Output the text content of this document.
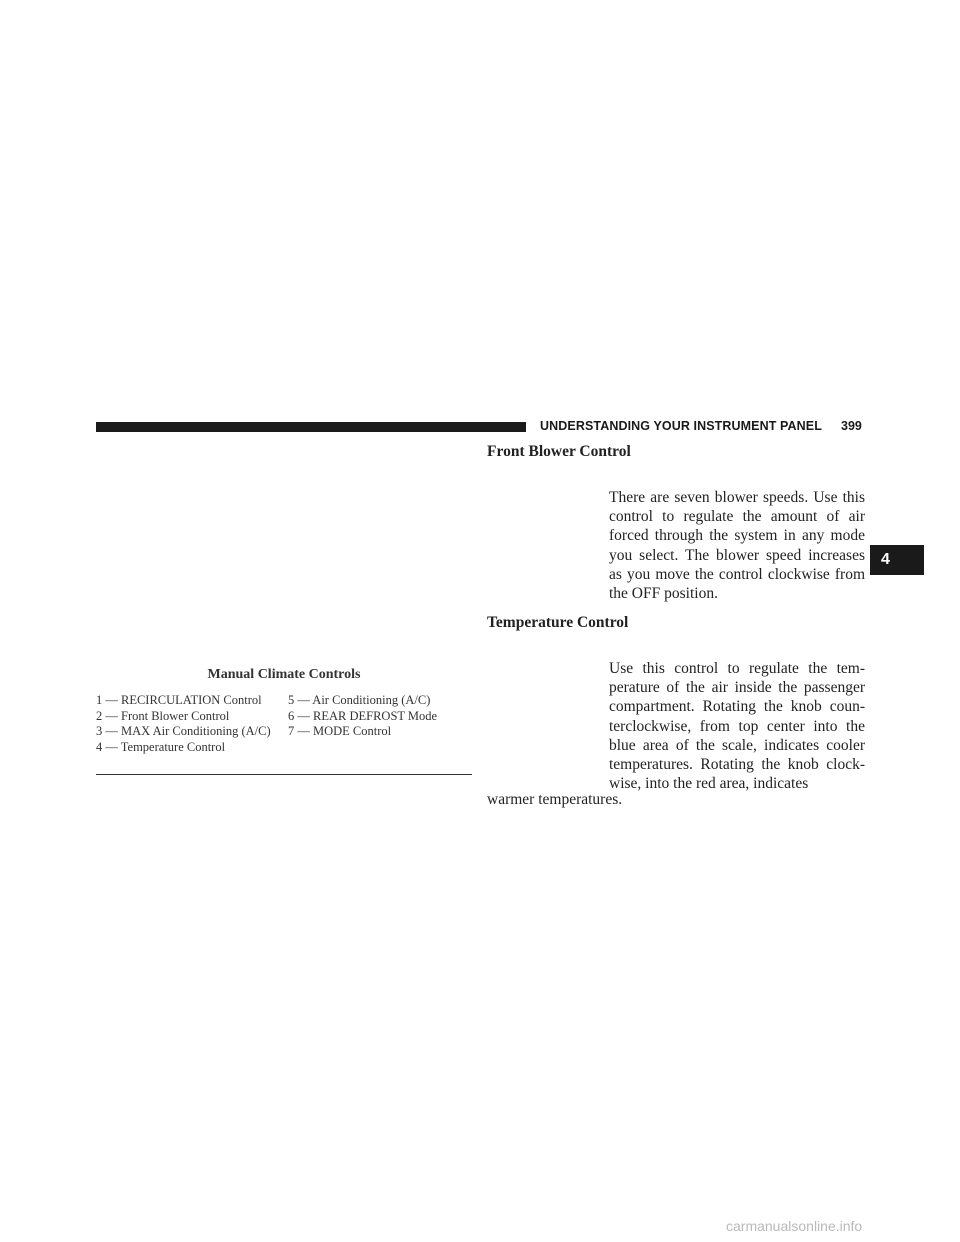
UNDERSTANDING YOUR INSTRUMENT PANEL 399
4
Manual Climate Controls
1 — RECIRCULATION Control
2 — Front Blower Control
3 — MAX Air Conditioning (A/C)
4 — Temperature Control
5 — Air Conditioning (A/C)
6 — REAR DEFROST Mode
7 — MODE Control
Front Blower Control
There are seven blower speeds. Use this control to regulate the amount of air forced through the system in any mode you select. The blower speed increases as you move the control clockwise from the OFF position.
Temperature Control
Use this control to regulate the tem-perature of the air inside the passenger compartment. Rotating the knob coun-terclockwise, from top center into the blue area of the scale, indicates cooler temperatures. Rotating the knob clock-wise, into the red area, indicates
warmer temperatures.
carmanualsonline.info
